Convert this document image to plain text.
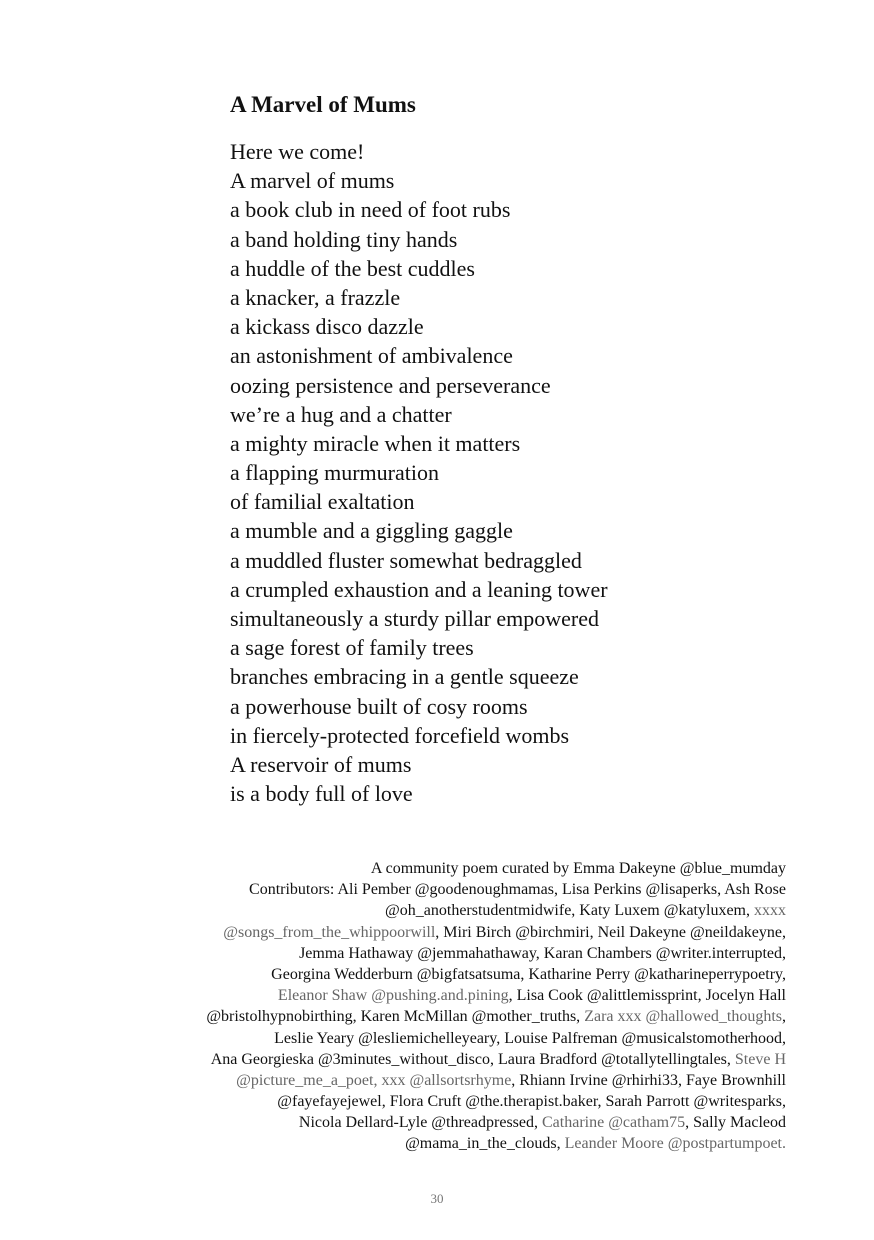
A Marvel of Mums
Here we come!
A marvel of mums
a book club in need of foot rubs
a band holding tiny hands
a huddle of the best cuddles
a knacker, a frazzle
a kickass disco dazzle
an astonishment of ambivalence
oozing persistence and perseverance
we’re a hug and a chatter
a mighty miracle when it matters
a flapping murmuration
of familial exaltation
a mumble and a giggling gaggle
a muddled fluster somewhat bedraggled
a crumpled exhaustion and a leaning tower
simultaneously a sturdy pillar empowered
a sage forest of family trees
branches embracing in a gentle squeeze
a powerhouse built of cosy rooms
in fiercely-protected forcefield wombs
A reservoir of mums
is a body full of love
A community poem curated by Emma Dakeyne @blue_mumday
Contributors: Ali Pember @goodenoughmamas, Lisa Perkins @lisaperks, Ash Rose
@oh_anotherstudentmidwife, Katy Luxem @katyluxem, xxxx
@songs_from_the_whippoorwill, Miri Birch @birchmiri, Neil Dakeyne @neildakeyne,
Jemma Hathaway @jemmahathaway, Karan Chambers @writer.interrupted,
Georgina Wedderburn @bigfatsatsuma, Katharine Perry @katharineperrypoetry,
Eleanor Shaw @pushing.and.pining, Lisa Cook @alittlemissprint, Jocelyn Hall
@bristolhypnobirthing, Karen McMillan @mother_truths, Zara xxx @hallowed_thoughts,
Leslie Yeary @lesliemichelleyeary, Louise Palfreman @musicalstomotherhood,
Ana Georgieska @3minutes_without_disco, Laura Bradford @totallytellingtales, Steve H
@picture_me_a_poet, xxx @allsortsrhyme, Rhiann Irvine @rhirhi33, Faye Brownhill
@fayefayejewel, Flora Cruft @the.therapist.baker, Sarah Parrott @writesparks,
Nicola Dellard-Lyle @threadpressed, Catharine @catham75, Sally Macleod
@mama_in_the_clouds, Leander Moore @postpartumpoet.
30
